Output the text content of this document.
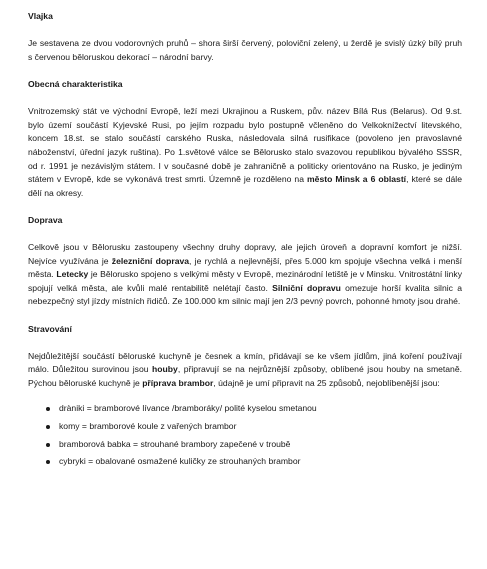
Vlajka
Je sestavena ze dvou vodorovných pruhů – shora širší červený, poloviční zelený, u žerdě je svislý úzký bílý pruh s červenou běloruskou dekorací – národní barvy.
Obecná charakteristika
Vnitrozemský stát ve východní Evropě, leží mezi Ukrajinou a Ruskem, pův. název Bílá Rus (Belarus). Od 9.st. bylo území součástí Kyjevské Rusi, po jejím rozpadu bylo postupně včleněno do Velkoknížectví litevského, koncem 18.st. se stalo součástí carského Ruska, následovala silná rusifikace (povoleno jen pravoslavné náboženství, úřední jazyk ruština). Po 1.světové válce se Bělorusko stalo svazovou republikou bývalého SSSR, od r. 1991 je nezávislým státem. I v současné době je zahraničně a politicky orientováno na Rusko, je jediným státem v Evropě, kde se vykonává trest smrti. Územně je rozděleno na město Minsk a 6 oblastí, které se dále dělí na okresy.
Doprava
Celkově jsou v Bělorusku zastoupeny všechny druhy dopravy, ale jejich úroveň a dopravní komfort je nižší. Nejvíce využívána je železniční doprava, je rychlá a nejlevnější, přes 5.000 km spojuje všechna velká i menší města. Letecky je Bělorusko spojeno s velkými městy v Evropě, mezinárodní letiště je v Minsku. Vnitrostátní linky spojují velká města, ale kvůli malé rentabilitě nelétají často. Silniční dopravu omezuje horší kvalita silnic a nebezpečný styl jízdy místních řidičů. Ze 100.000 km silnic mají jen 2/3 pevný povrch, pohonné hmoty jsou drahé.
Stravování
Nejdůležitější součástí běloruské kuchyně je česnek a kmín, přidávají se ke všem jídlům, jiná koření používají málo. Důležitou surovinou jsou houby, připravují se na nejrůznější způsoby, oblíbené jsou houby na smetaně. Pýchou běloruské kuchyně je příprava brambor, údajně je umí připravit na 25 způsobů, nejoblíbenější jsou:
dràniki = bramborové lívance /bramboráky/ polité kyselou smetanou
komy = bramborové koule z vařených brambor
bramborová babka = strouhané brambory zapečené v troubě
cybryki = obalované osmažené kuličky ze strouhaných brambor
